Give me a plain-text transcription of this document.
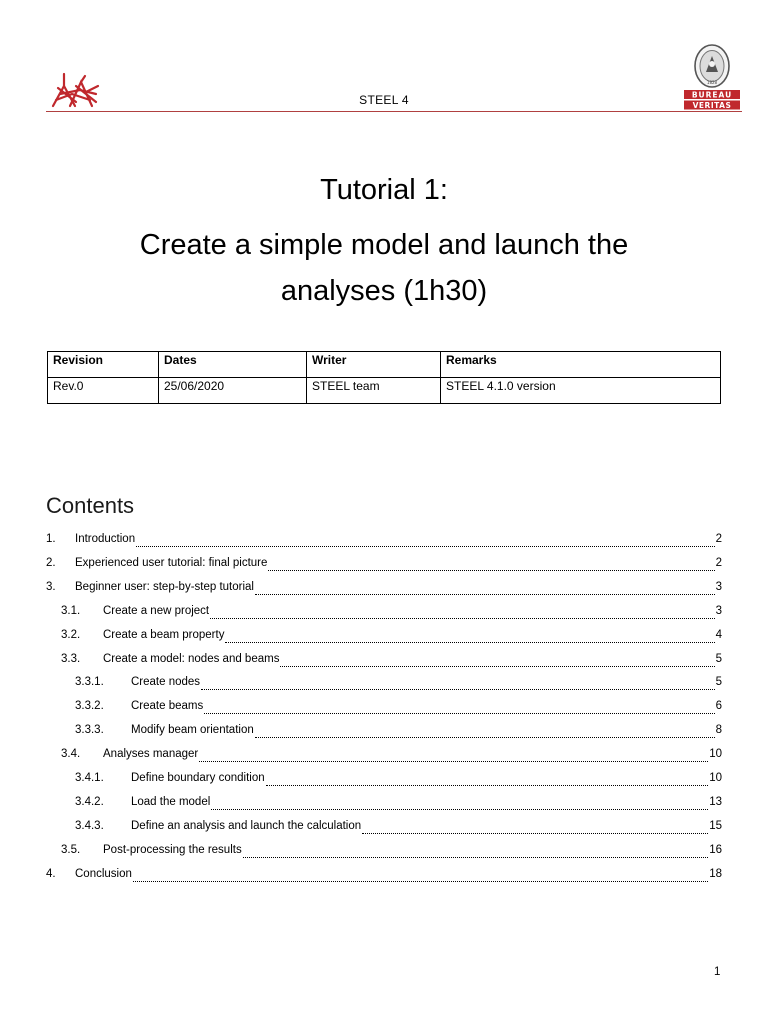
1828
BUREAU
VERITAS
STEEL 4
Tutorial 1:
Create a simple model and launch the
analyses (1h30)
Revision	Dates	Writer	Remarks
Rev.0	25/06/2020	STEEL team	STEEL 4.1.0 version
Contents
1.	Introduction	2
2.	Experienced user tutorial: final picture	2
3.	Beginner user: step-by-step tutorial	3
3.1.	Create a new project	3
3.2.	Create a beam property	4
3.3.	Create a model: nodes and beams	5
3.3.1.	Create nodes	5
3.3.2.	Create beams	6
3.3.3.	Modify beam orientation	8
3.4.	Analyses manager	10
3.4.1.	Define boundary condition	10
3.4.2.	Load the model	13
3.4.3.	Define an analysis and launch the calculation	15
3.5.	Post-processing the results	16
4.	Conclusion	18
1
